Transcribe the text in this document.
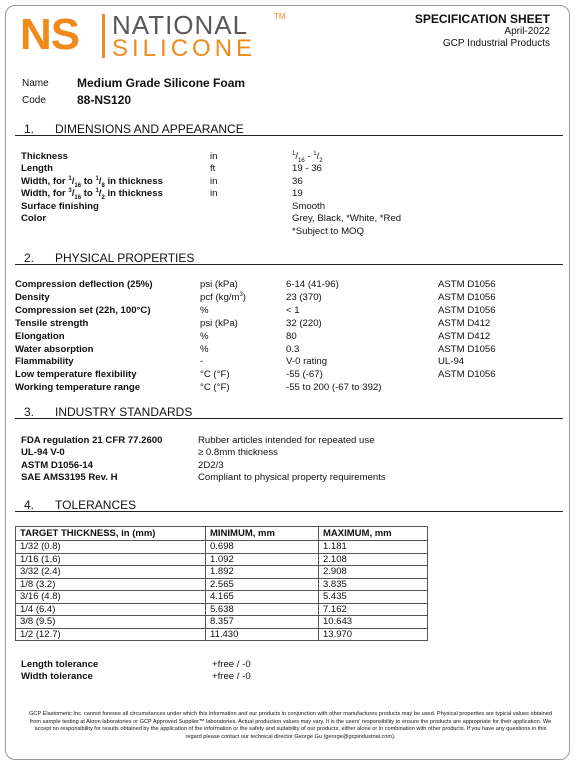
NS NATIONAL
SILICONE
TM	SPECIFICATION SHEET
April-2022
GCP Industrial Products
Name	Medium Grade Silicone Foam
Code	88-NS120
1. DIMENSIONS AND APPEARANCE
Thickness	in	$^1/_{16} - ^1/_2$
Length	ft	19 - 36
Width, for $^1/_{16}$ to $^1/_8$ in thickness	in	36
Width, for $^3/_{16}$ to $^1/_2$ in thickness	in	19
Surface finishing	Smooth
Color	Grey, Black, *White, *Red
*Subject to MOQ
2. PHYSICAL PROPERTIES
Compression deflection (25%)	psi (kPa)	6-14 (41-96)	ASTM D1056
Density	pcf $(kg/m^3)$	23 (370)	ASTM D1056
Compression set (22h, 100°C)	%	< 1	ASTM D1056
Tensile strength	psi (kPa)	32 (220)	ASTM D412
Elongation	%	80	ASTM D412
Water absorption	%	0.3	ASTM D1056
Flammability	-	V-0 rating	UL-94
Low temperature flexibility	°C (°F)	-55 (-67)	ASTM D1056
Working temperature range	°C (°F)	-55 to 200 (-67 to 392)
3. INDUSTRY STANDARDS
FDA regulation 21 CFR 77.2600	Rubber articles intended for repeated use
UL-94 V-0	≥ 0.8mm thickness
ASTM D1056-14	2D2/3
SAE AMS3195 Rev. H	Compliant to physical property requirements
4. TOLERANCES
TARGET THICKNESS, in (mm)	MINIMUM, mm	MAXIMUM, mm
1/32 (0.8)	0.698	1.181
1/16 (1.6)	1.092	2.108
3/32 (2.4)	1.892	2.908
1/8 (3.2)	2.565	3.835
3/16 (4.8)	4.165	5.435
1/4 (6.4)	5.638	7.162
3/8 (9.5)	8.357	10.643
1/2 (12.7)	11.430	13.970
Length tolerance	+free / -0
Width tolerance	+free / -0
GCP Elastomeric Inc. cannot foresee all circumstances under which this information and our products in conjunction with other manufactures products may be used. Physical properties are typical values obtained from sample testing at Akron laboratories or GCP Approved Supplier™ laboratories. Actual production values may vary. It is the users' responsibility to ensure the products are appropriate for their application. We accept no responsibility for results obtained by the application of the information or the safety and suitability of our products, either alone or in combination with other products. If you have any questions in this regard please contact our technical director George Gu (george@gcpindustrial.com).
